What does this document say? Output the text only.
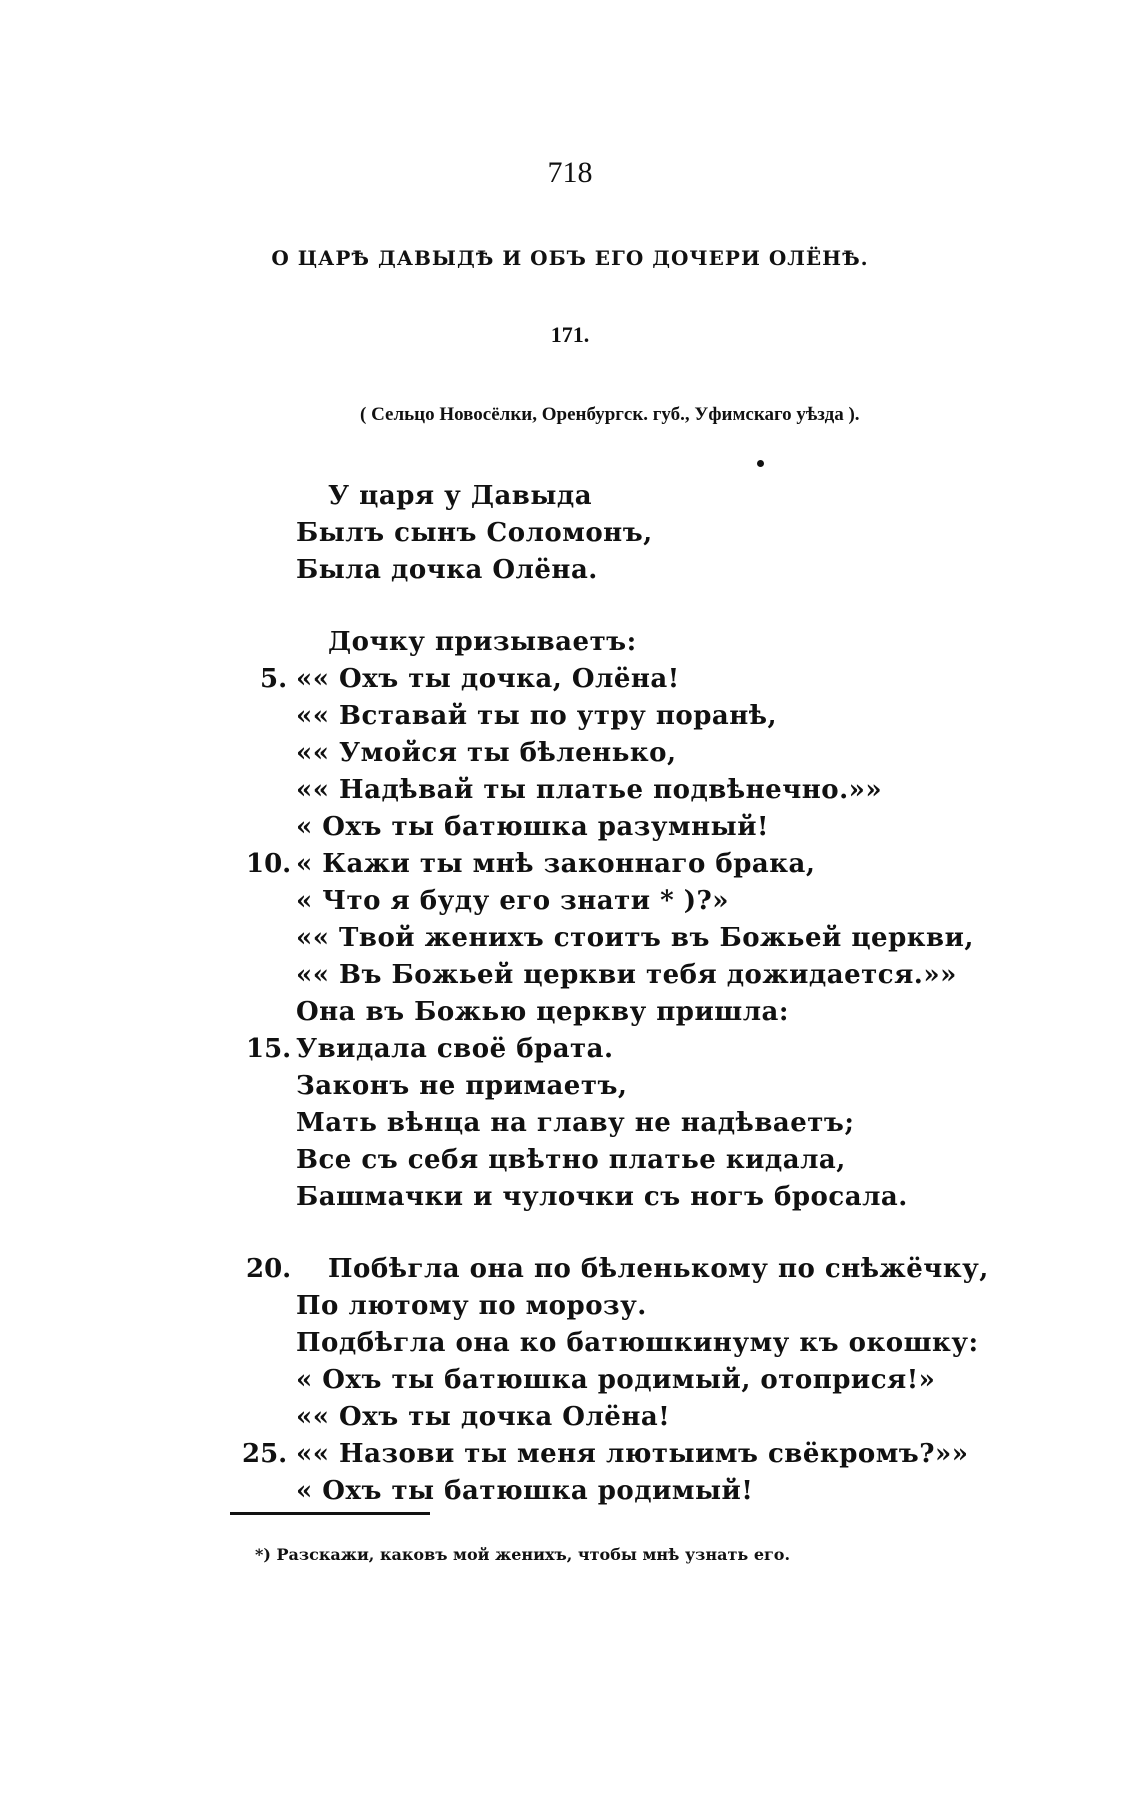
718
О ЦАРѢ ДАВЫДѢ И ОБЪ ЕГО ДОЧЕРИ ОЛЁНѢ.
171.
( Сельцо Новосёлки, Оренбургск. губ., Уфимскаго уѣзда ).
У царя у Давыда
Былъ сынъ Соломонъ,
Была дочка Олёна.
Дочку призываетъ:
5. «« Охъ ты дочка, Олёна!
«« Вставай ты по утру поранѣ,
«« Умойся ты бѣленько,
«« Надѣвай ты платье подвѣнечно.»»
« Охъ ты батюшка разумный!
10. « Кажи ты мнѣ законнаго брака,
« Что я буду его знати * )?»
«« Твой женихъ стоитъ въ Божьей церкви,
«« Въ Божьей церкви тебя дожидается.»»
Она въ Божью церкву пришла:
15. Увидала своё брата.
Законъ не примаетъ,
Мать вѣнца на главу не надѣваетъ;
Все съ себя цвѣтно платье кидала,
Башмачки и чулочки съ ногъ бросала.
20. Побѣгла она по бѣленькому по снѣжёчку,
По лютому по морозу.
Подбѣгла она ко батюшкинуму къ окошку:
« Охъ ты батюшка родимый, отоприся!»
«« Охъ ты дочка Олёна!
25. «« Назови ты меня лютыимъ свёкромъ?»»
« Охъ ты батюшка родимый!
*) Разскажи, каковъ мой женихъ, чтобы мнѣ узнать его.
